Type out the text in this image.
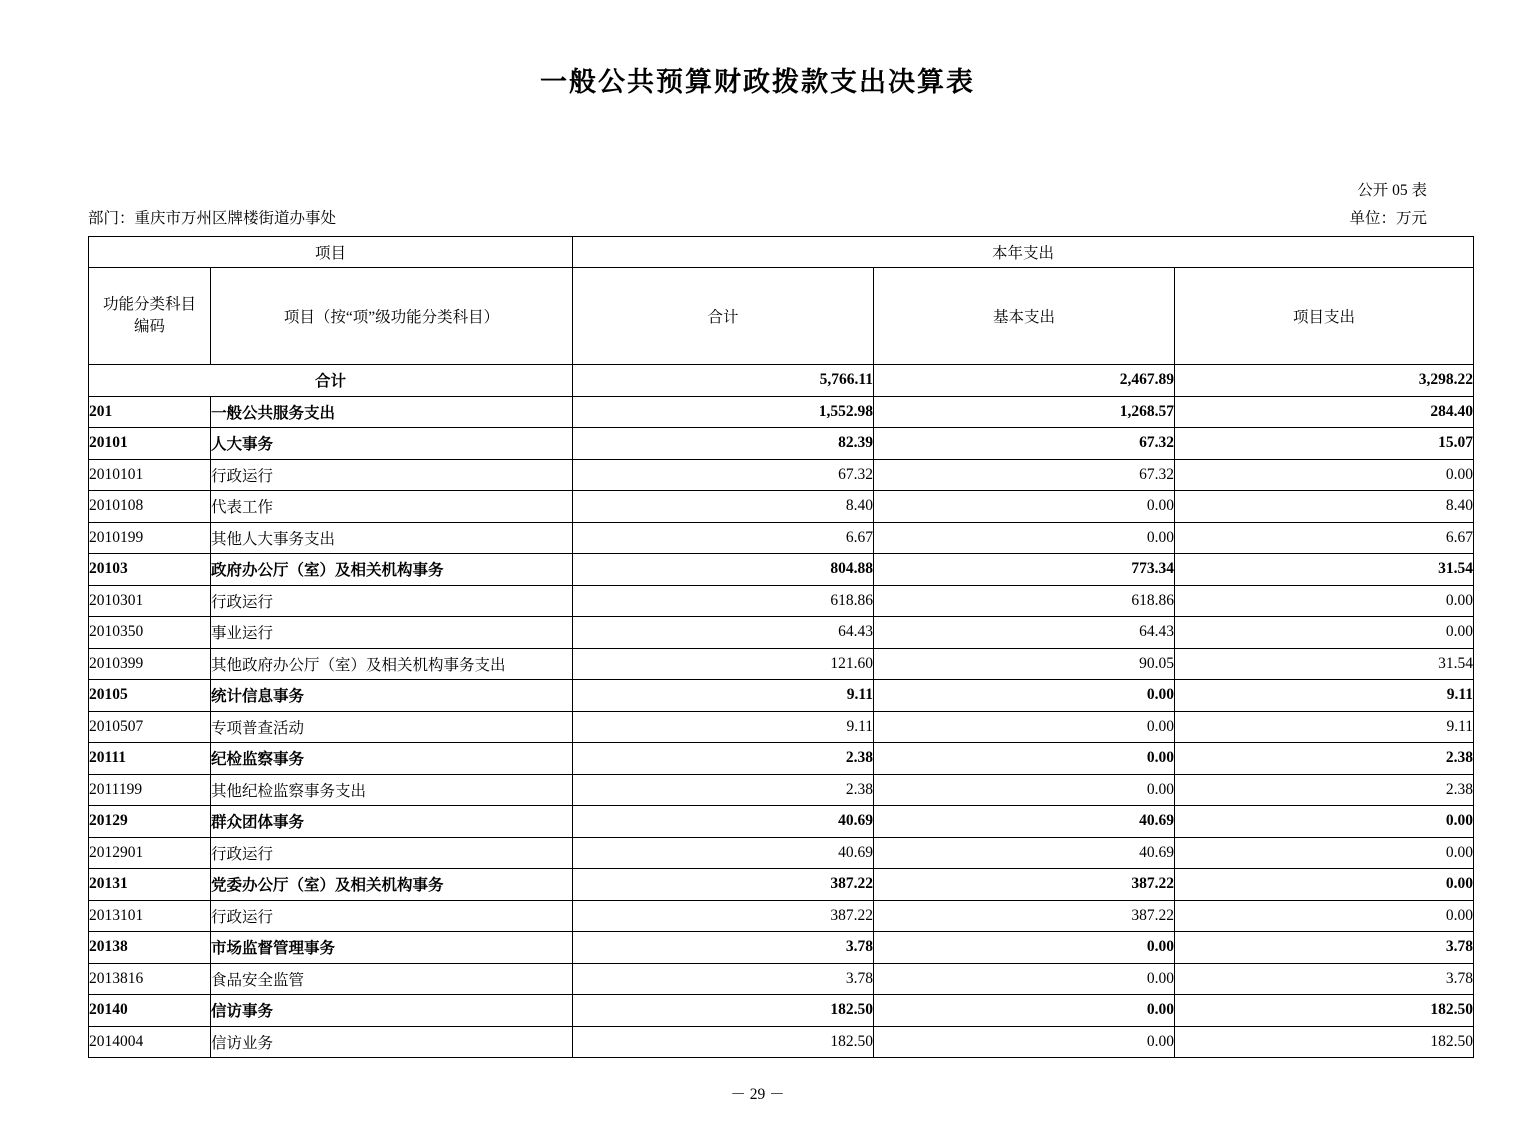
一般公共预算财政拨款支出决算表
公开 05 表
部门：重庆市万州区牌楼街道办事处	单位：万元
项目		本年支出		

功能分类科目
编码	项目（按“项”级功能分类科目）	合计	基本支出	项目支出
合计		5,766.11	2,467.89	3,298.22
201	一般公共服务支出	1,552.98	1,268.57	284.40
20101	人大事务	82.39	67.32	15.07
2010101	行政运行	67.32	67.32	0.00
2010108	代表工作	8.40	0.00	8.40
2010199	其他人大事务支出	6.67	0.00	6.67
20103	政府办公厅（室）及相关机构事务	804.88	773.34	31.54
2010301	行政运行	618.86	618.86	0.00
2010350	事业运行	64.43	64.43	0.00
2010399	其他政府办公厅（室）及相关机构事务支出	121.60	90.05	31.54
20105	统计信息事务	9.11	0.00	9.11
2010507	专项普查活动	9.11	0.00	9.11
20111	纪检监察事务	2.38	0.00	2.38
2011199	其他纪检监察事务支出	2.38	0.00	2.38
20129	群众团体事务	40.69	40.69	0.00
2012901	行政运行	40.69	40.69	0.00
20131	党委办公厅（室）及相关机构事务	387.22	387.22	0.00
2013101	行政运行	387.22	387.22	0.00
20138	市场监督管理事务	3.78	0.00	3.78
2013816	食品安全监管	3.78	0.00	3.78
20140	信访事务	182.50	0.00	182.50
2014004	信访业务	182.50	0.00	182.50
－ 29 －
